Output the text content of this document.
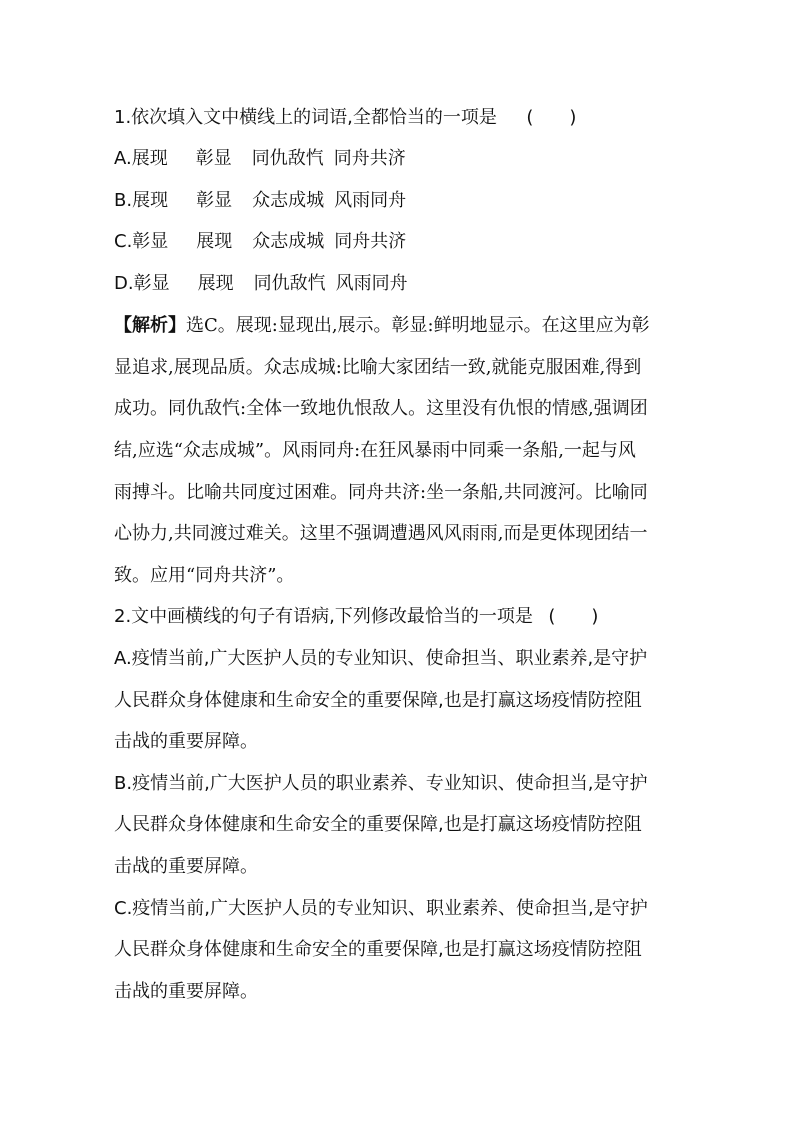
1.依次填入文中横线上的词语,全都恰当的一项是 (　　)
A.展现 彰显 同仇敌忾 同舟共济
B.展现 彰显 众志成城 风雨同舟
C.彰显 展现 众志成城 同舟共济
D.彰显 展现 同仇敌忾 风雨同舟
【解析】选C。展现:显现出,展示。彰显:鲜明地显示。在这里应为彰
显追求,展现品质。众志成城:比喻大家团结一致,就能克服困难,得到
成功。同仇敌忾:全体一致地仇恨敌人。这里没有仇恨的情感,强调团
结,应选“众志成城”。风雨同舟:在狂风暴雨中同乘一条船,一起与风
雨搏斗。比喻共同度过困难。同舟共济:坐一条船,共同渡河。比喻同
心协力,共同渡过难关。这里不强调遭遇风风雨雨,而是更体现团结一
致。应用“同舟共济”。
2.文中画横线的句子有语病,下列修改最恰当的一项是 (　　)
A.疫情当前,广大医护人员的专业知识、使命担当、职业素养,是守护
人民群众身体健康和生命安全的重要保障,也是打赢这场疫情防控阻
击战的重要屏障。
B.疫情当前,广大医护人员的职业素养、专业知识、使命担当,是守护
人民群众身体健康和生命安全的重要保障,也是打赢这场疫情防控阻
击战的重要屏障。
C.疫情当前,广大医护人员的专业知识、职业素养、使命担当,是守护
人民群众身体健康和生命安全的重要保障,也是打赢这场疫情防控阻
击战的重要屏障。
